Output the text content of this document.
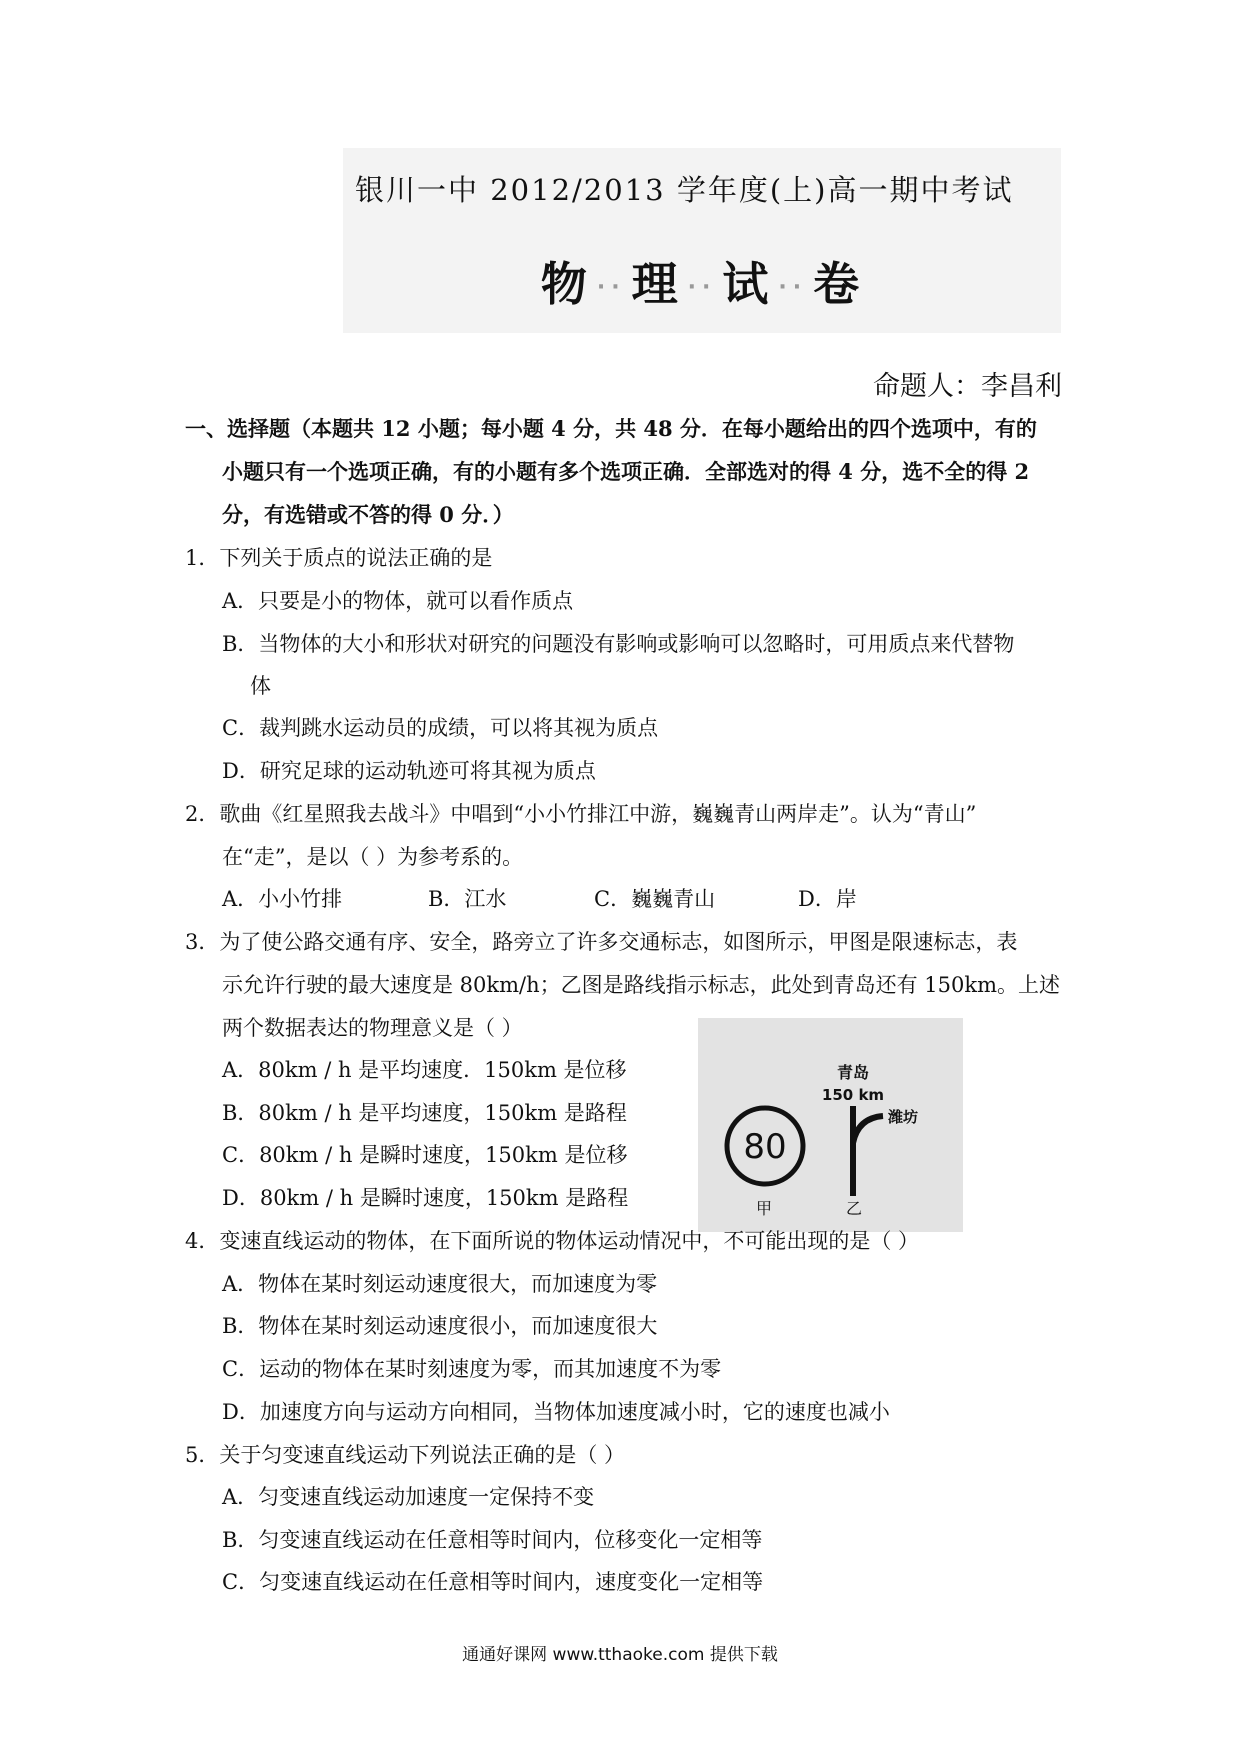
银川一中 2012/2013 学年度(上)高一期中考试
物 ·· 理 ·· 试 ·· 卷
命题人：李昌利
一、选择题（本题共 12 小题；每小题 4 分，共 48 分．在每小题给出的四个选项中，有的
小题只有一个选项正确，有的小题有多个选项正确．全部选对的得 4 分，选不全的得 2
分，有选错或不答的得 0 分．）
1．下列关于质点的说法正确的是
A．只要是小的物体，就可以看作质点
B．当物体的大小和形状对研究的问题没有影响或影响可以忽略时，可用质点来代替物
体
C．裁判跳水运动员的成绩，可以将其视为质点
D．研究足球的运动轨迹可将其视为质点
2．歌曲《红星照我去战斗》中唱到“小小竹排江中游，巍巍青山两岸走”。认为“青山”
在“走”，是以（ ）为参考系的。
A．小小竹排	B．江水	C．巍巍青山	D．岸
3．为了使公路交通有序、安全，路旁立了许多交通标志，如图所示，甲图是限速标志，表
示允许行驶的最大速度是 80km/h；乙图是路线指示标志，此处到青岛还有 150km。上述
两个数据表达的物理意义是（ ）
A．80km / h 是平均速度．150km 是位移
B．80km / h 是平均速度，150km 是路程
C．80km / h 是瞬时速度，150km 是位移
D．80km / h 是瞬时速度，150km 是路程
80
甲
青岛
150 km
潍坊
乙
4．变速直线运动的物体，在下面所说的物体运动情况中，不可能出现的是（ ）
A．物体在某时刻运动速度很大，而加速度为零
B．物体在某时刻运动速度很小，而加速度很大
C．运动的物体在某时刻速度为零，而其加速度不为零
D．加速度方向与运动方向相同，当物体加速度减小时，它的速度也减小
5．关于匀变速直线运动下列说法正确的是（ ）
A．匀变速直线运动加速度一定保持不变
B．匀变速直线运动在任意相等时间内，位移变化一定相等
C．匀变速直线运动在任意相等时间内，速度变化一定相等
通通好课网 www.tthaoke.com 提供下载
